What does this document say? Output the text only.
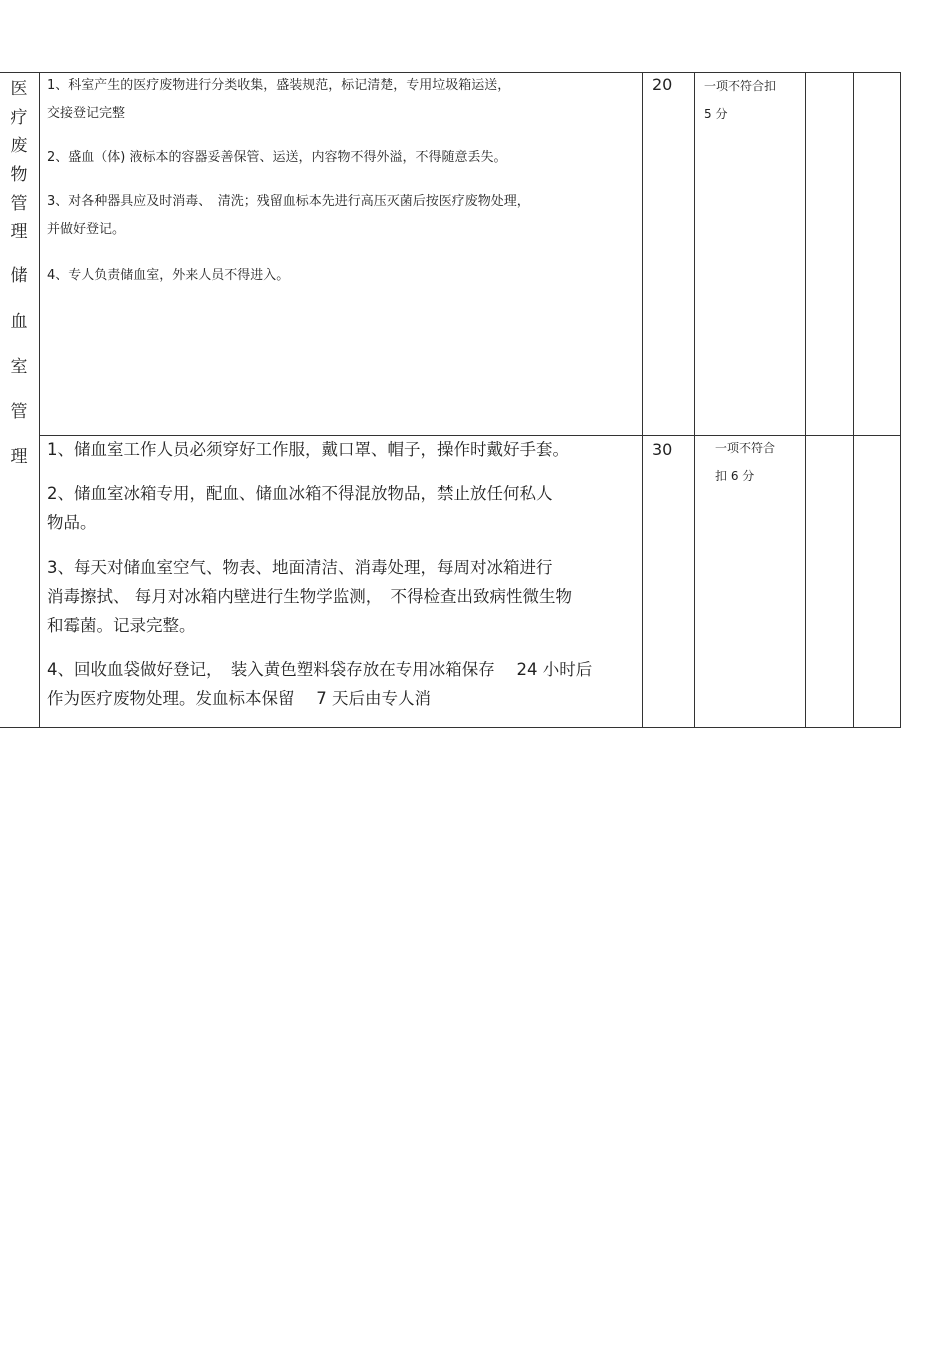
医
疗
废
物
管
理
储
血
室
管
理
1、科室产生的医疗废物进行分类收集，盛装规范，标记清楚，专用垃圾箱运送，
交接登记完整
2、盛血（体) 液标本的容器妥善保管、运送，内容物不得外溢，不得随意丢失。
3、对各种器具应及时消毒、　清洗；残留血标本先进行高压灭菌后按医疗废物处理，
并做好登记。
4、专人负责储血室，外来人员不得进入。
20	一项不符合扣
5 分
1、储血室工作人员必须穿好工作服，戴口罩、帽子，操作时戴好手套。
2、储血室冰箱专用，配血、储血冰箱不得混放物品，禁止放任何私人
物品。
3、每天对储血室空气、物表、地面清洁、消毒处理，每周对冰箱进行
消毒擦拭、 每月对冰箱内壁进行生物学监测，　不得检查出致病性微生物
和霉菌。记录完整。
4、回收血袋做好登记，　装入黄色塑料袋存放在专用冰箱保存　 24 小时后
作为医疗废物处理。发血标本保留　 7 天后由专人消
30	一项不符合
扣 6 分
